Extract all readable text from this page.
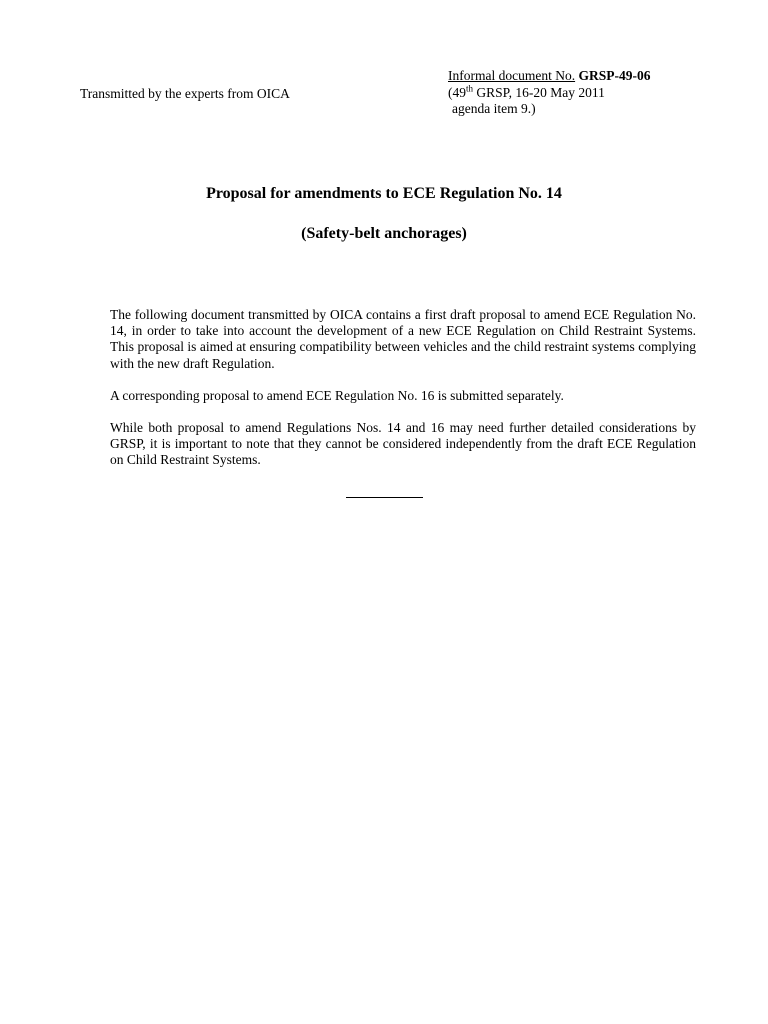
Transmitted by the experts from OICA
Informal document No. GRSP-49-06
(49th GRSP, 16-20 May 2011
agenda item 9.)
Proposal for amendments to ECE Regulation No. 14
(Safety-belt anchorages)

The following document transmitted by OICA contains a first draft proposal to amend ECE Regulation No. 14, in order to take into account the development of a new ECE Regulation on Child Restraint Systems. This proposal is aimed at ensuring compatibility between vehicles and the child restraint systems complying with the new draft Regulation.

A corresponding proposal to amend ECE Regulation No. 16 is submitted separately.

While both proposal to amend Regulations Nos. 14 and 16 may need further detailed considerations by GRSP, it is important to note that they cannot be considered independently from the draft ECE Regulation on Child Restraint Systems.
